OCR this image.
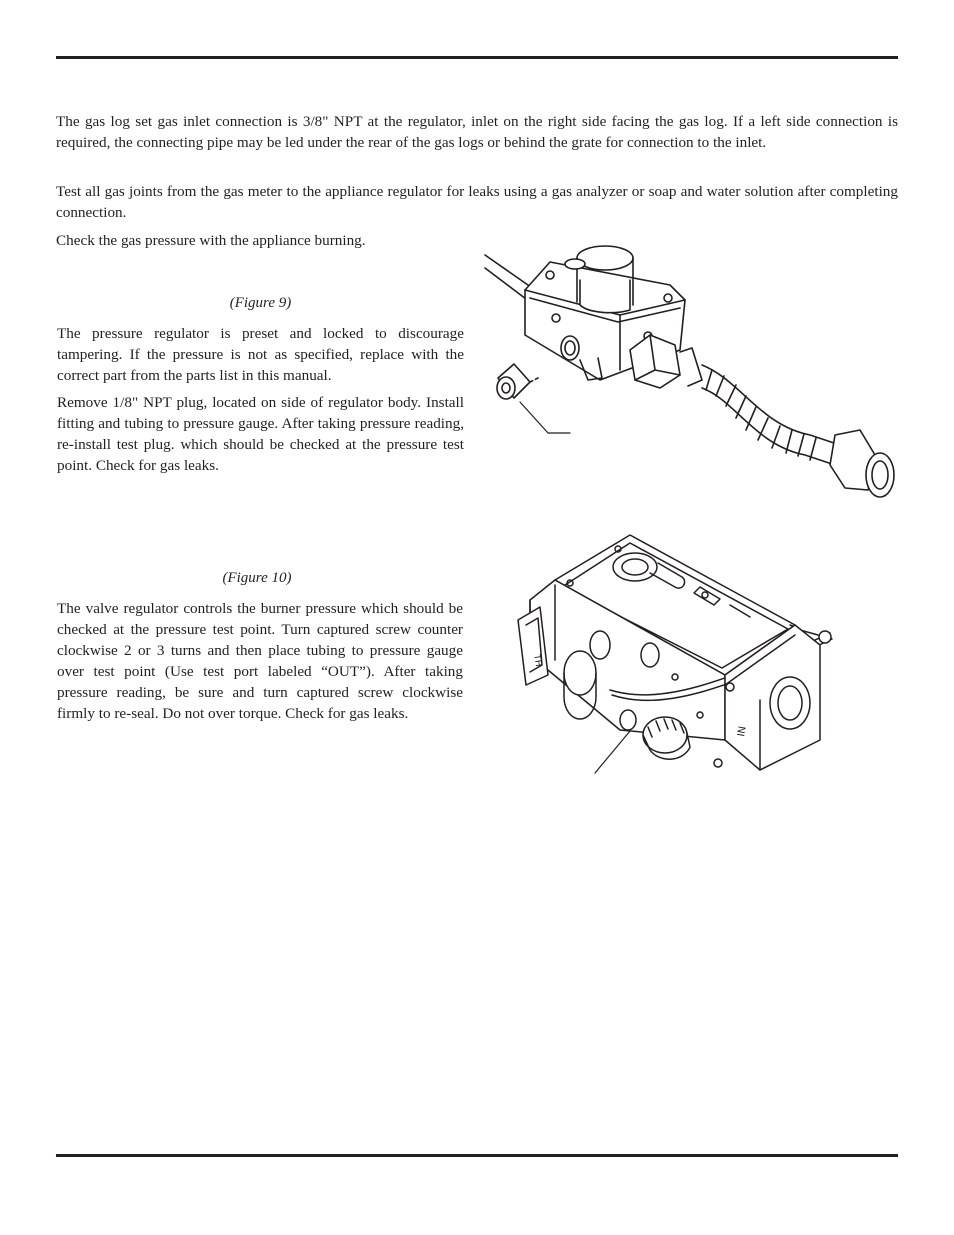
The gas log set gas inlet connection is 3/8" NPT at the regulator, inlet on the right side facing the gas log. If a left side connection is required, the connecting pipe may be led under the rear of the gas logs or behind the grate for connection to the inlet.

Test all gas joints from the gas meter to the appliance regulator for leaks using a gas analyzer or soap and water solution after completing connection.

Check the gas pressure with the appliance burning.

(Figure 9)

The pressure regulator is preset and locked to discourage tampering. If the pressure is not as specified, replace with the correct part from the parts list in this manual.

Remove 1/8" NPT plug, located on side of regulator body. Install fitting and tubing to pressure gauge. After taking pressure reading, re-install test plug. which should be checked at the pressure test point. Check for gas leaks.

(Figure 10)

The valve regulator controls the burner pressure which should be checked at the pressure test point. Turn captured screw counter clockwise 2 or 3 turns and then place tubing to pressure gauge over test point (Use test port labeled “OUT”). After taking pressure reading, be sure and turn captured screw clockwise firmly to re-seal. Do not over torque. Check for gas leaks.

TH
IN
